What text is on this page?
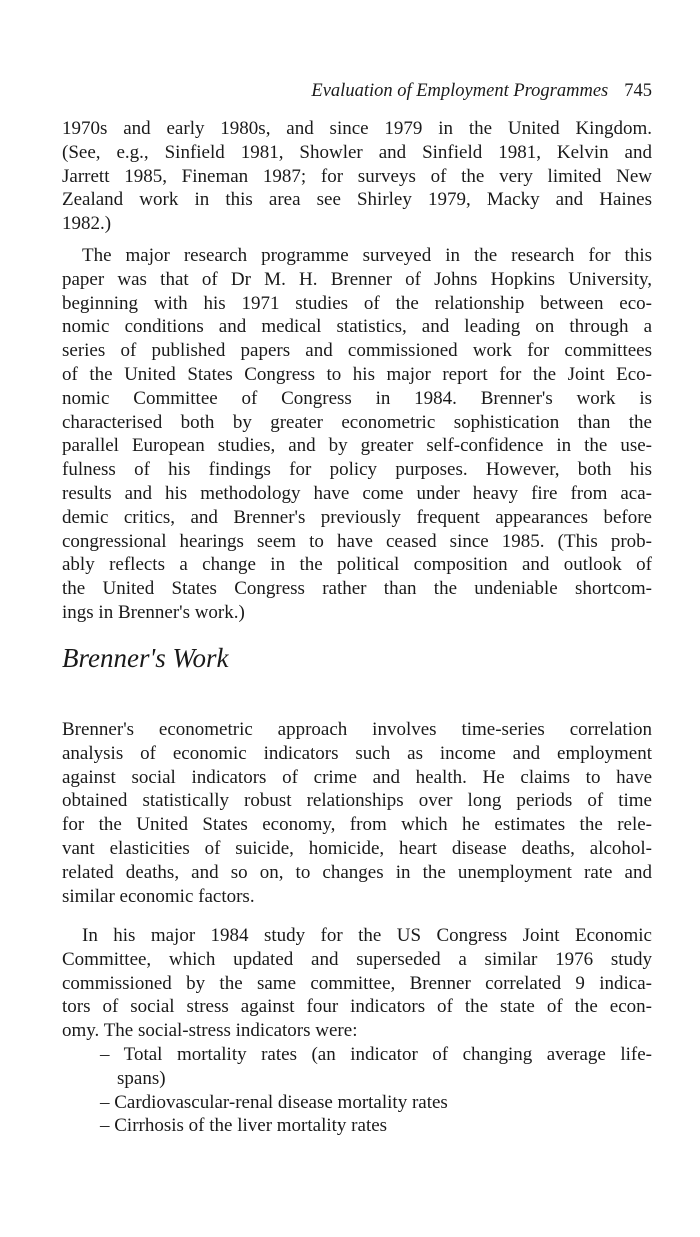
Evaluation of Employment Programmes 745
1970s and early 1980s, and since 1979 in the United Kingdom.
(See, e.g., Sinfield 1981, Showler and Sinfield 1981, Kelvin and
Jarrett 1985, Fineman 1987; for surveys of the very limited New
Zealand work in this area see Shirley 1979, Macky and Haines
1982.)
The major research programme surveyed in the research for this
paper was that of Dr M. H. Brenner of Johns Hopkins University,
beginning with his 1971 studies of the relationship between eco-
nomic conditions and medical statistics, and leading on through a
series of published papers and commissioned work for committees
of the United States Congress to his major report for the Joint Eco-
nomic Committee of Congress in 1984. Brenner's work is
characterised both by greater econometric sophistication than the
parallel European studies, and by greater self-confidence in the use-
fulness of his findings for policy purposes. However, both his
results and his methodology have come under heavy fire from aca-
demic critics, and Brenner's previously frequent appearances before
congressional hearings seem to have ceased since 1985. (This prob-
ably reflects a change in the political composition and outlook of
the United States Congress rather than the undeniable shortcom-
ings in Brenner's work.)
Brenner's Work
Brenner's econometric approach involves time-series correlation
analysis of economic indicators such as income and employment
against social indicators of crime and health. He claims to have
obtained statistically robust relationships over long periods of time
for the United States economy, from which he estimates the rele-
vant elasticities of suicide, homicide, heart disease deaths, alcohol-
related deaths, and so on, to changes in the unemployment rate and
similar economic factors.
In his major 1984 study for the US Congress Joint Economic
Committee, which updated and superseded a similar 1976 study
commissioned by the same committee, Brenner correlated 9 indica-
tors of social stress against four indicators of the state of the econ-
omy. The social-stress indicators were:
– Total mortality rates (an indicator of changing average life-
spans)
– Cardiovascular-renal disease mortality rates
– Cirrhosis of the liver mortality rates
